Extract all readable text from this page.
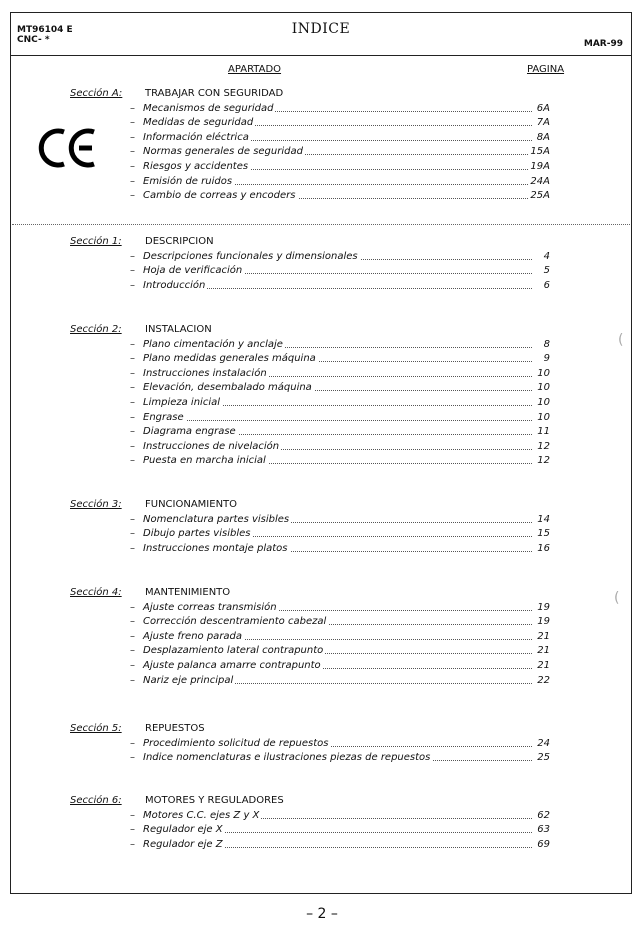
MT96104 E
CNC- *
INDICE
MAR-99
APARTADO	PAGINA
Sección A: TRABAJAR CON SEGURIDAD
– Mecanismos de seguridad	6A
– Medidas de seguridad	7A
– Información eléctrica	8A
– Normas generales de seguridad	15A
– Riesgos y accidentes	19A
– Emisión de ruidos	24A
– Cambio de correas y encoders	25A
Sección 1: DESCRIPCION
– Descripciones funcionales y dimensionales	4
– Hoja de verificación	5
– Introducción	6
Sección 2: INSTALACION
– Plano cimentación y anclaje	8
– Plano medidas generales máquina	9
– Instrucciones instalación	10
– Elevación, desembalado máquina	10
– Limpieza inicial	10
– Engrase	10
– Diagrama engrase	11
– Instrucciones de nivelación	12
– Puesta en marcha inicial	12
Sección 3: FUNCIONAMIENTO
– Nomenclatura partes visibles	14
– Dibujo partes visibles	15
– Instrucciones montaje platos	16
Sección 4: MANTENIMIENTO
– Ajuste correas transmisión	19
– Corrección descentramiento cabezal	19
– Ajuste freno parada	21
– Desplazamiento lateral contrapunto	21
– Ajuste palanca amarre contrapunto	21
– Nariz eje principal	22
Sección 5: REPUESTOS
– Procedimiento solicitud de repuestos	24
– Indice nomenclaturas e ilustraciones piezas de repuestos	25
Sección 6: MOTORES Y REGULADORES
– Motores C.C. ejes Z y X	62
– Regulador eje X	63
– Regulador eje Z	69
– 2 –
(
(
